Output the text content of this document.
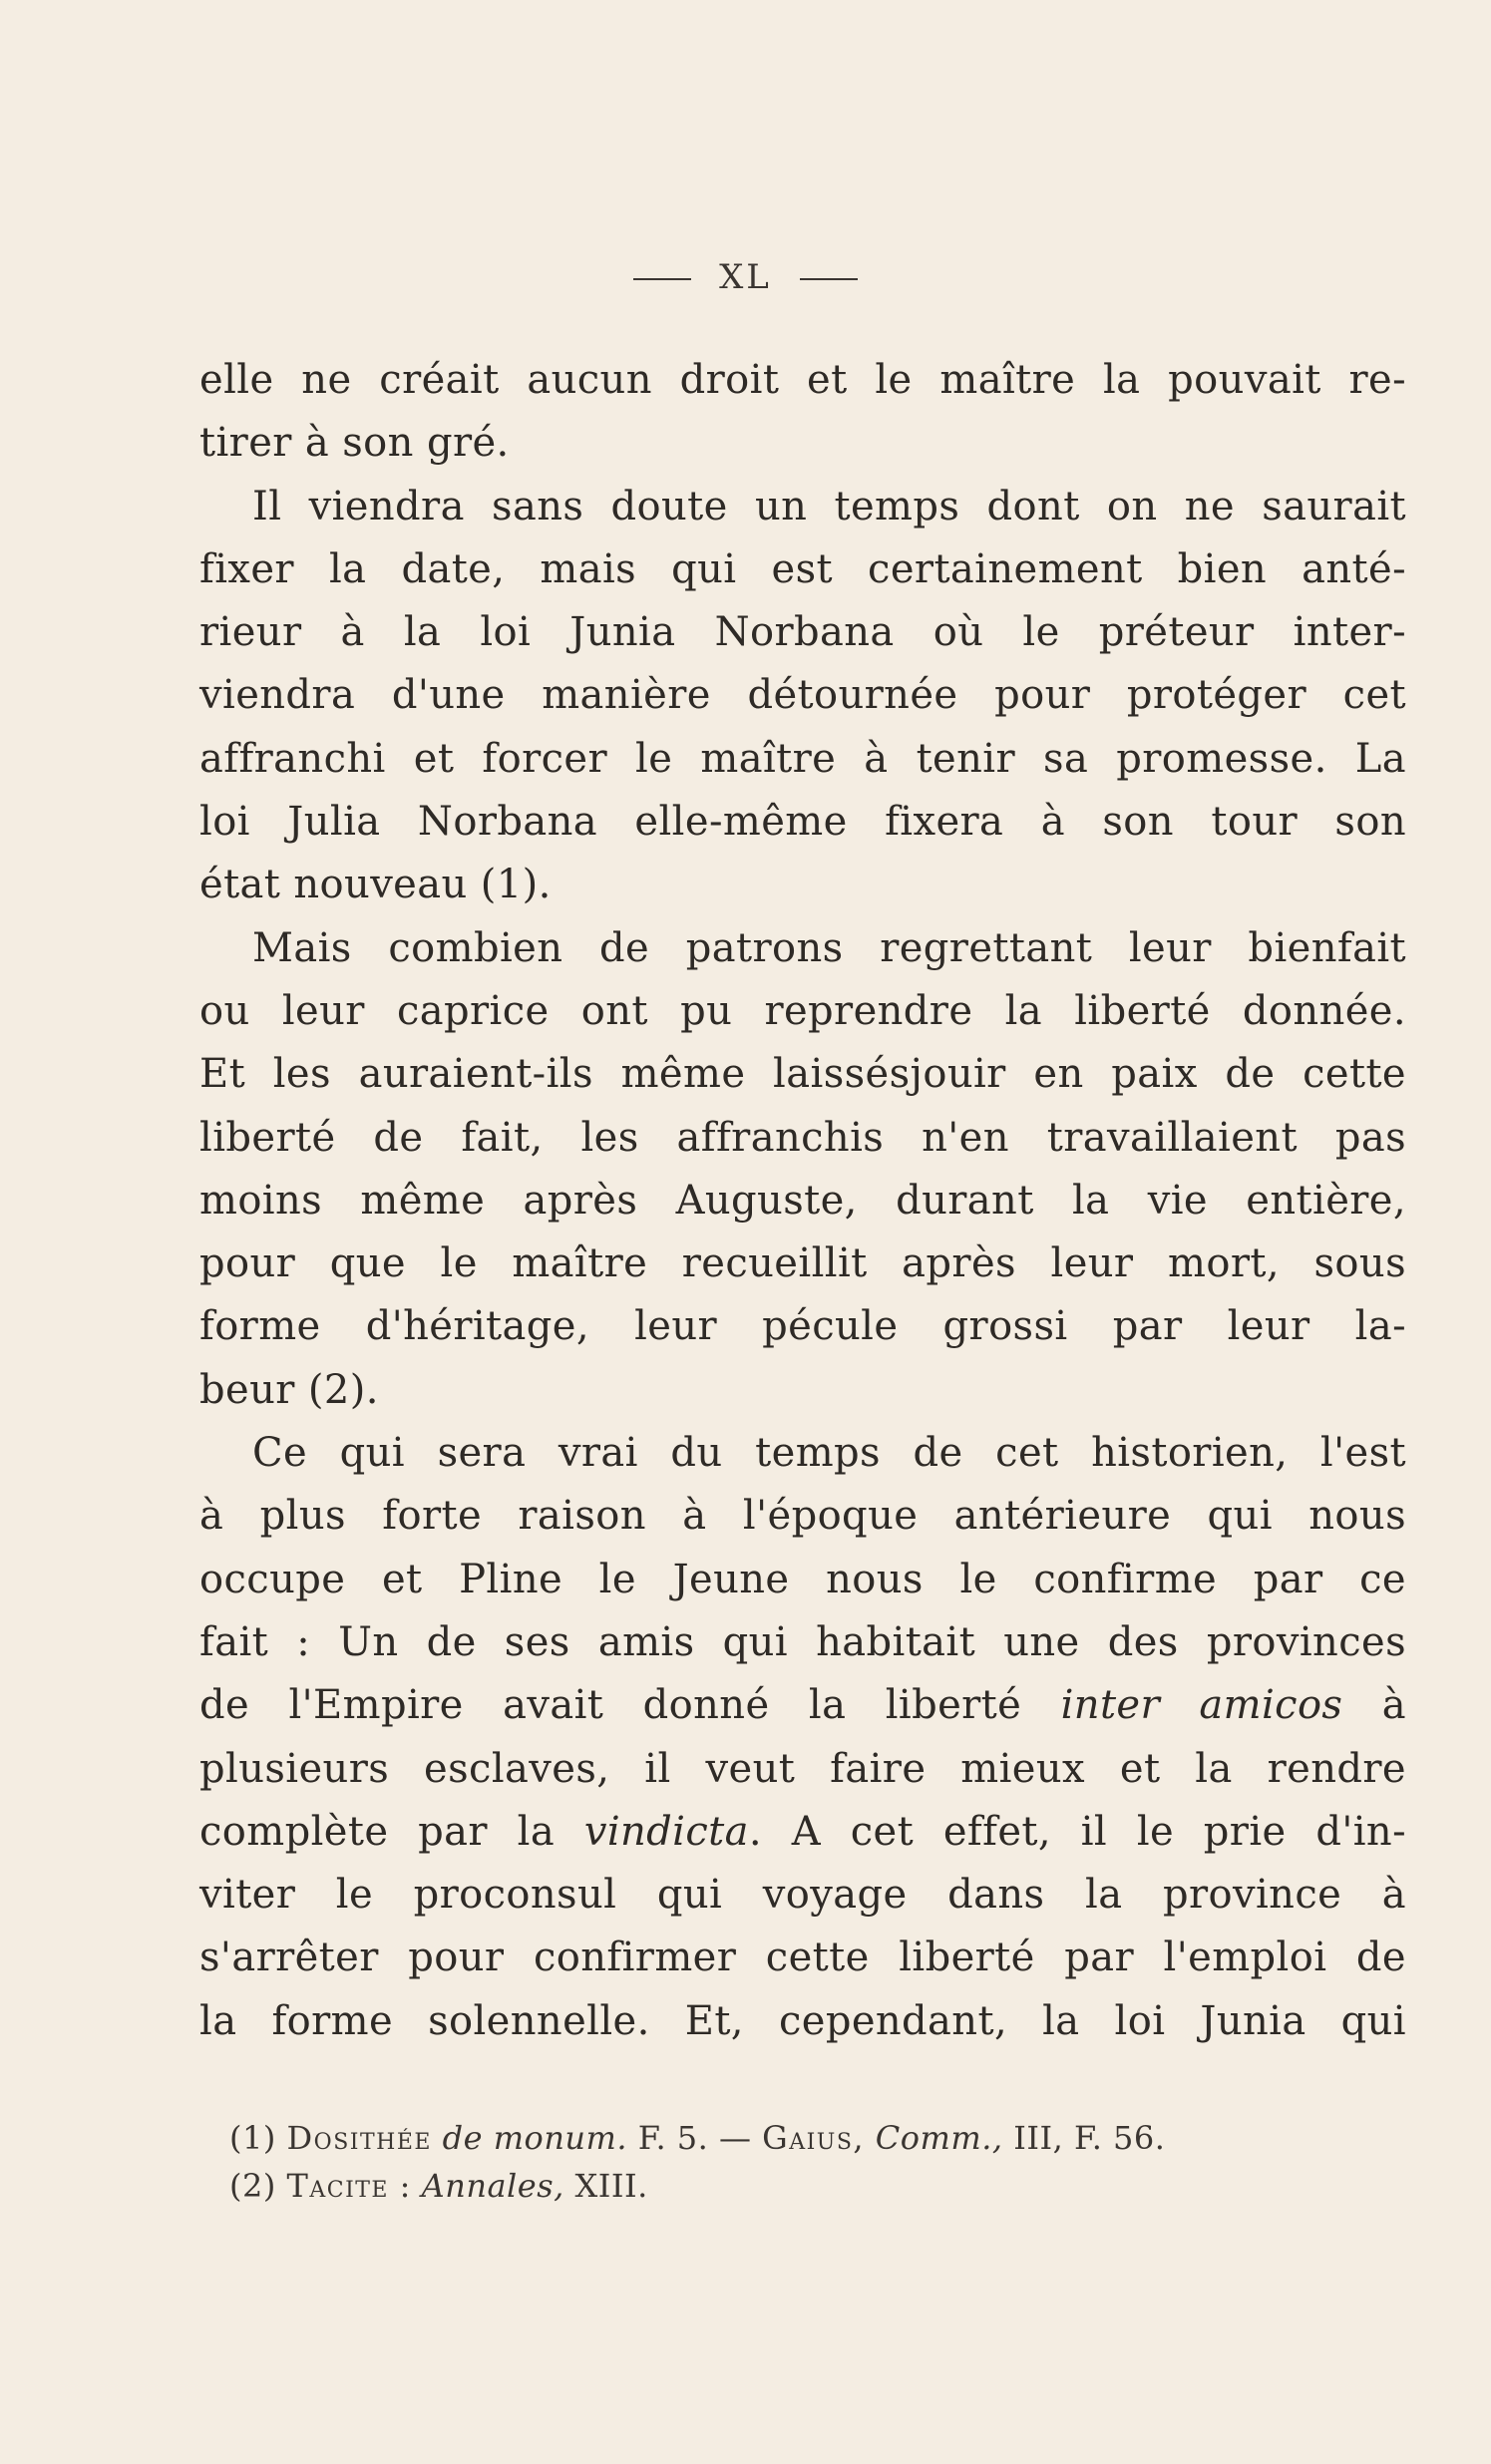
XL
elle ne créait aucun droit et le maître la pouvait re-
tirer à son gré.
Il viendra sans doute un temps dont on ne saurait
fixer la date, mais qui est certainement bien anté-
rieur à la loi Junia Norbana où le préteur inter-
viendra d'une manière détournée pour protéger cet
affranchi et forcer le maître à tenir sa promesse. La
loi Julia Norbana elle-même fixera à son tour son
état nouveau (1).
Mais combien de patrons regrettant leur bienfait
ou leur caprice ont pu reprendre la liberté donnée.
Et les auraient-ils même laissésjouir en paix de cette
liberté de fait, les affranchis n'en travaillaient pas
moins même après Auguste, durant la vie entière,
pour que le maître recueillit après leur mort, sous
forme d'héritage, leur pécule grossi par leur la-
beur (2).
Ce qui sera vrai du temps de cet historien, l'est
à plus forte raison à l'époque antérieure qui nous
occupe et Pline le Jeune nous le confirme par ce
fait : Un de ses amis qui habitait une des provinces
de l'Empire avait donné la liberté inter amicos à
plusieurs esclaves, il veut faire mieux et la rendre
complète par la vindicta. A cet effet, il le prie d'in-
viter le proconsul qui voyage dans la province à
s'arrêter pour confirmer cette liberté par l'emploi de
la forme solennelle. Et, cependant, la loi Junia qui
(1) Dosithée de monum. F. 5. — Gaius, Comm., III, F. 56.
(2) Tacite : Annales, XIII.
